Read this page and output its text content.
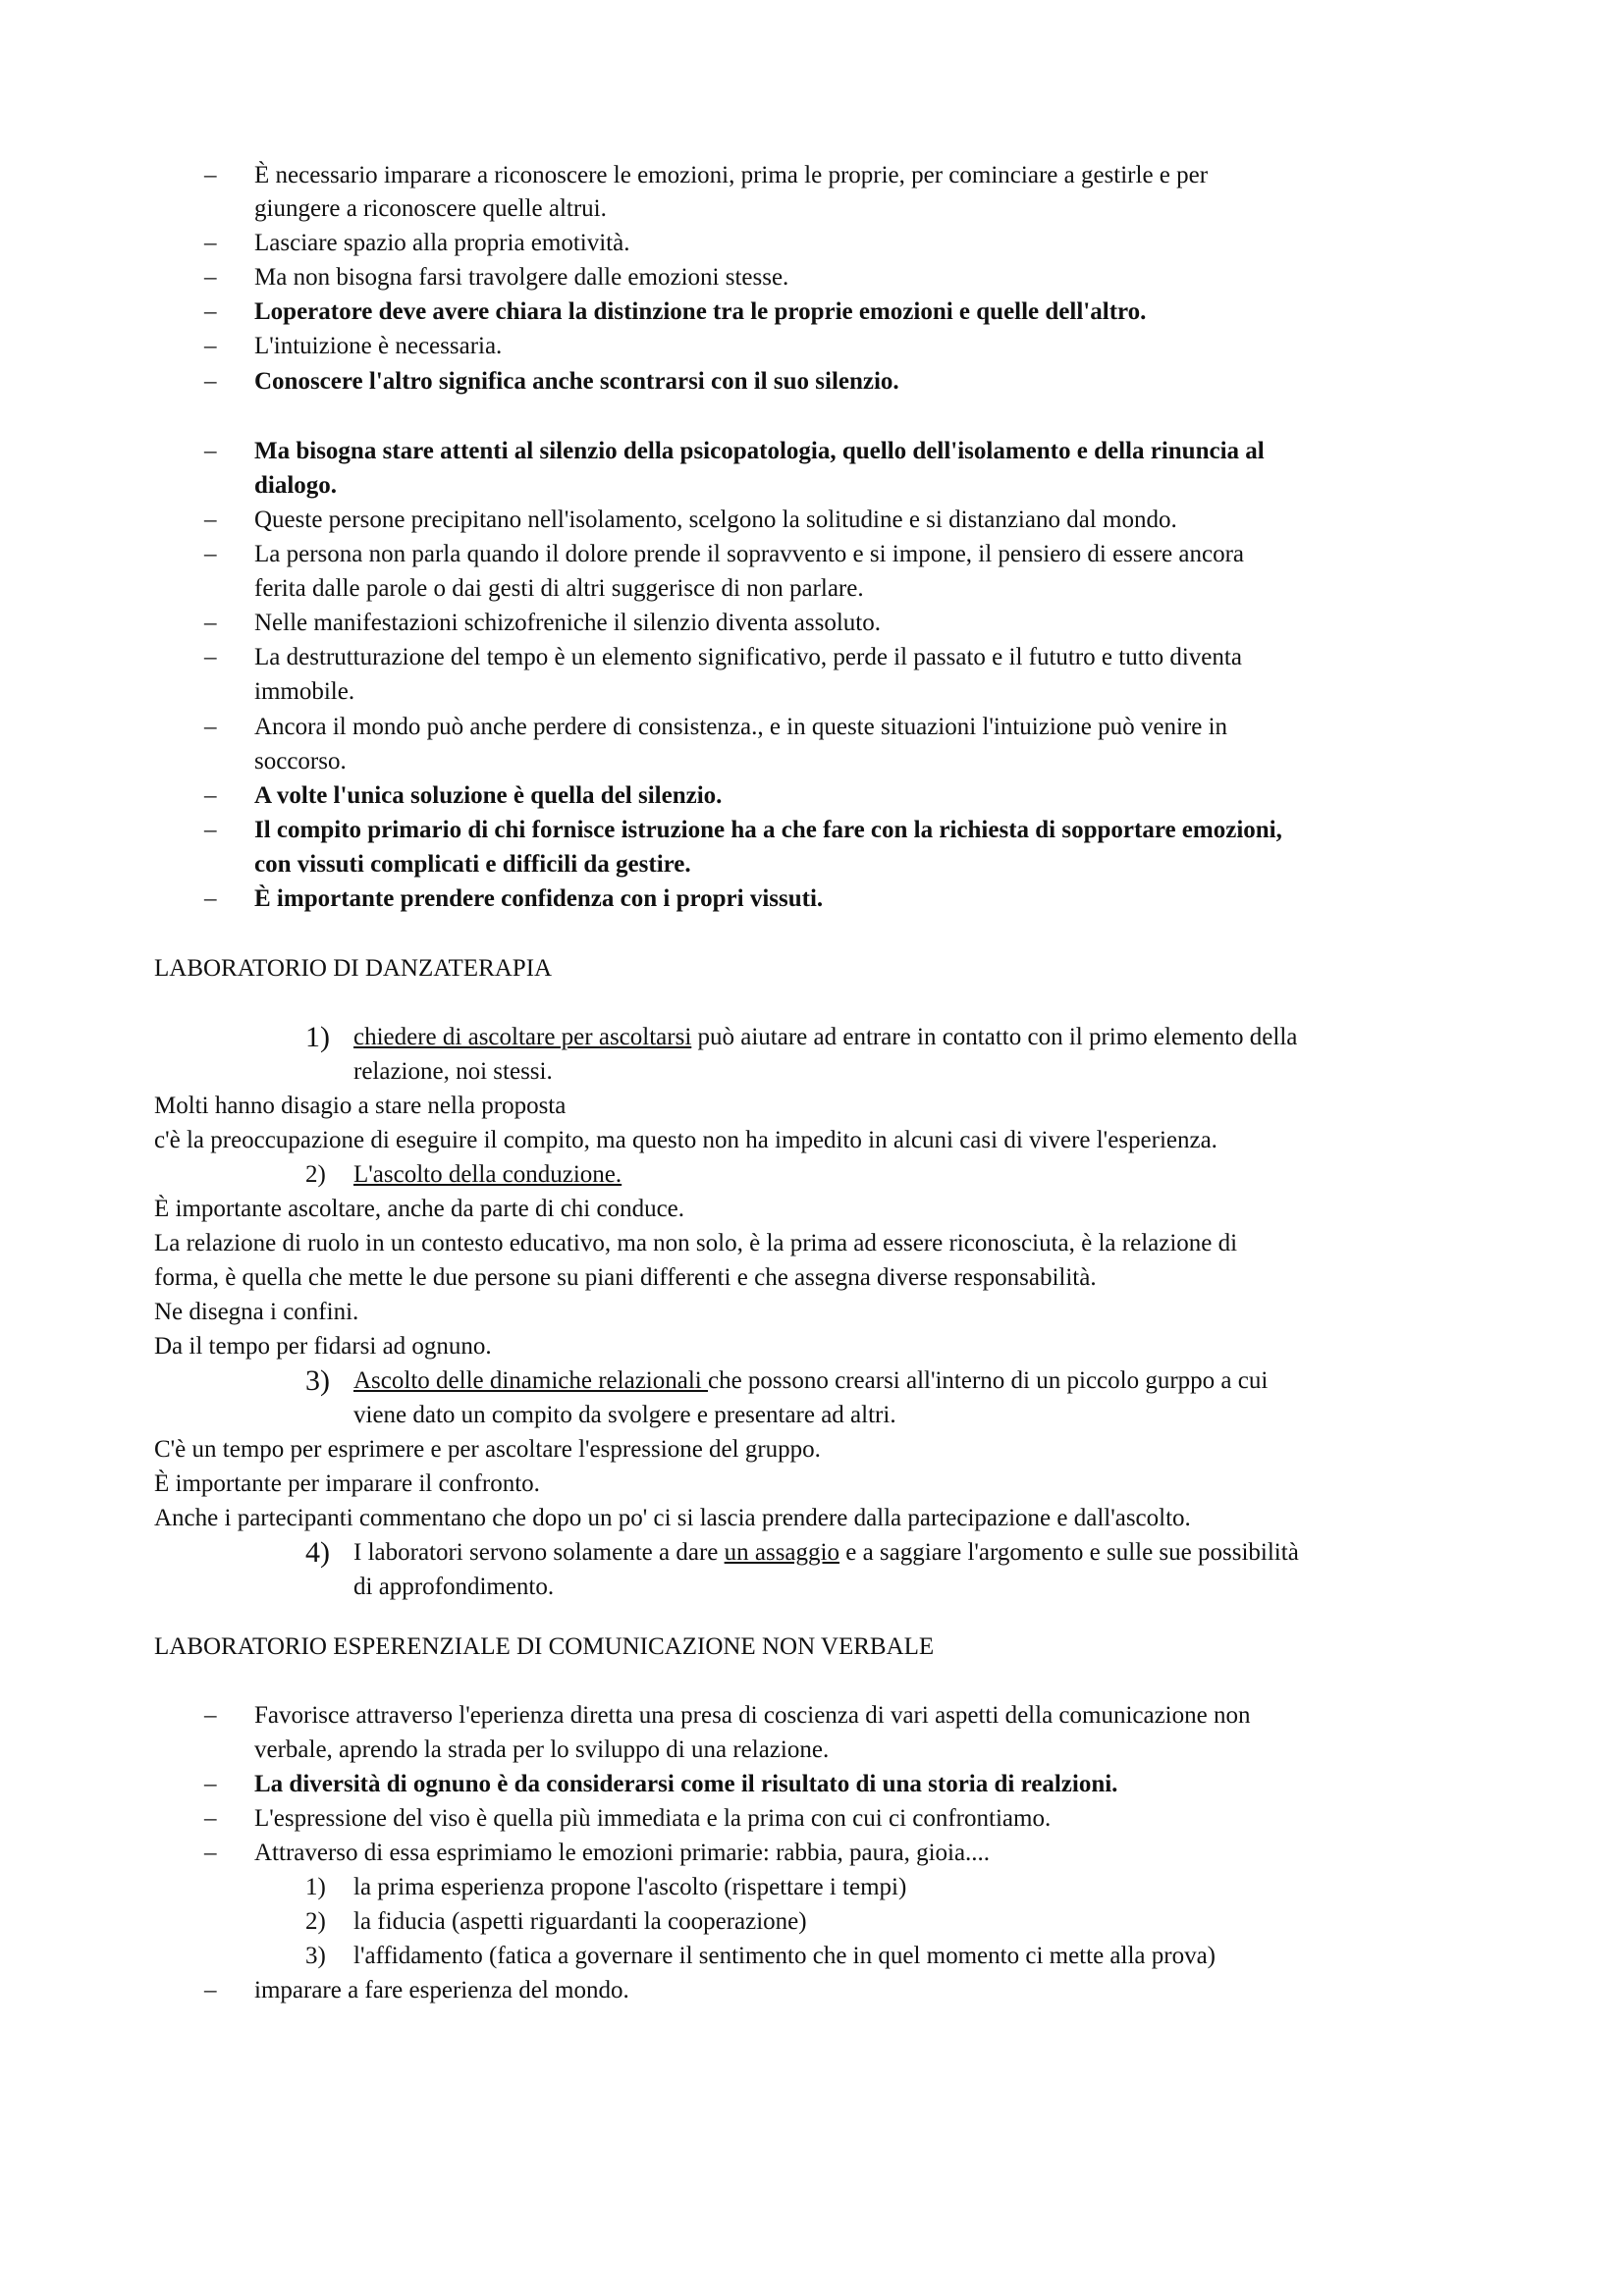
– È necessario imparare a riconoscere le emozioni, prima le proprie, per cominciare a gestirle e per
giungere a riconoscere quelle altrui.
– Lasciare spazio alla propria emotività.
– Ma non bisogna farsi travolgere dalle emozioni stesse.
– Loperatore deve avere chiara la distinzione tra le proprie emozioni e quelle dell'altro.
– L'intuizione è necessaria.
– Conoscere l'altro significa anche scontrarsi con il suo silenzio.
– Ma bisogna stare attenti al silenzio della psicopatologia, quello dell'isolamento e della rinuncia al
dialogo.
– Queste persone precipitano nell'isolamento, scelgono la solitudine e si distanziano dal mondo.
– La persona non parla quando il dolore prende il sopravvento e si impone, il pensiero di essere ancora
ferita dalle parole o dai gesti di altri suggerisce di non parlare.
– Nelle manifestazioni schizofreniche il silenzio diventa assoluto.
– La destrutturazione del tempo è un elemento significativo, perde il passato e il fututro e tutto diventa
immobile.
– Ancora il mondo può anche perdere di consistenza., e in queste situazioni l'intuizione può venire in
soccorso.
– A volte l'unica soluzione è quella del silenzio.
– Il compito primario di chi fornisce istruzione ha a che fare con la richiesta di sopportare emozioni,
con vissuti complicati e difficili da gestire.
– È importante prendere confidenza con i propri vissuti.
LABORATORIO DI DANZATERAPIA
1) chiedere di ascoltare per ascoltarsi può aiutare ad entrare in contatto con il primo elemento della
relazione, noi stessi.
Molti hanno disagio a stare nella proposta
c'è la preoccupazione di eseguire il compito, ma questo non ha impedito in alcuni casi di vivere l'esperienza.
2) L'ascolto della conduzione.
È importante ascoltare, anche da parte di chi conduce.
La relazione di ruolo in un contesto educativo, ma non solo, è la prima ad essere riconosciuta, è la relazione di
forma, è quella che mette le due persone su piani differenti e che assegna diverse responsabilità.
Ne disegna i confini.
Da il tempo per fidarsi ad ognuno.
3) Ascolto delle dinamiche relazionali che possono crearsi all'interno di un piccolo gurppo a cui
viene dato un compito da svolgere e presentare ad altri.
C'è un tempo per esprimere e per ascoltare l'espressione del gruppo.
È importante per imparare il confronto.
Anche i partecipanti commentano che dopo un po' ci si lascia prendere dalla partecipazione e dall'ascolto.
4) I laboratori servono solamente a dare un assaggio e a saggiare l'argomento e sulle sue possibilità
di approfondimento.
LABORATORIO ESPERENZIALE DI COMUNICAZIONE NON VERBALE
– Favorisce attraverso l'eperienza diretta una presa di coscienza di vari aspetti della comunicazione non
verbale, aprendo la strada per lo sviluppo di una relazione.
– La diversità di ognuno è da considerarsi come il risultato di una storia di realzioni.
– L'espressione del viso è quella più immediata e la prima con cui ci confrontiamo.
– Attraverso di essa esprimiamo le emozioni primarie: rabbia, paura, gioia....
1) la prima esperienza propone l'ascolto (rispettare i tempi)
2) la fiducia (aspetti riguardanti la cooperazione)
3) l'affidamento (fatica a governare il sentimento che in quel momento ci mette alla prova)
– imparare a fare esperienza del mondo.
